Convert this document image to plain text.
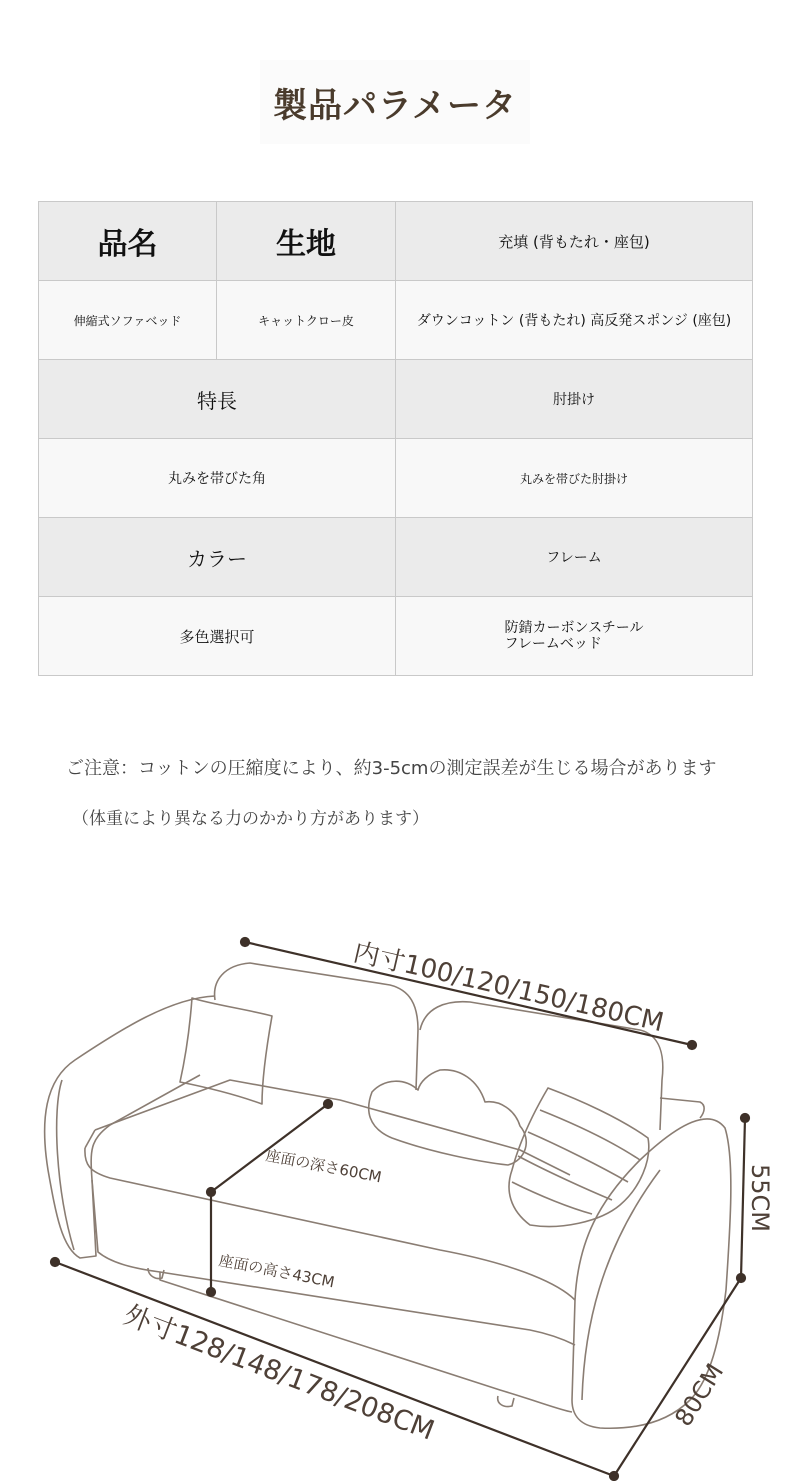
製品パラメータ
品名	生地	充填 (背もたれ・座包)
伸縮式ソファベッド	キャットクロー皮	ダウンコットン (背もたれ) 高反発スポンジ (座包)
特長		肘掛け
丸みを帯びた角		丸みを帯びた肘掛け
カラー		フレーム
多色選択可		防錆カーボンスチール
フレームベッド
ご注意：コットンの圧縮度により、約3-5cmの測定誤差が生じる場合があります
（体重により異なる力のかかり方があります）
内寸100/120/150/180CM
座面の深さ60CM
座面の高さ43CM
外寸128/148/178/208CM
55CM
80CM
